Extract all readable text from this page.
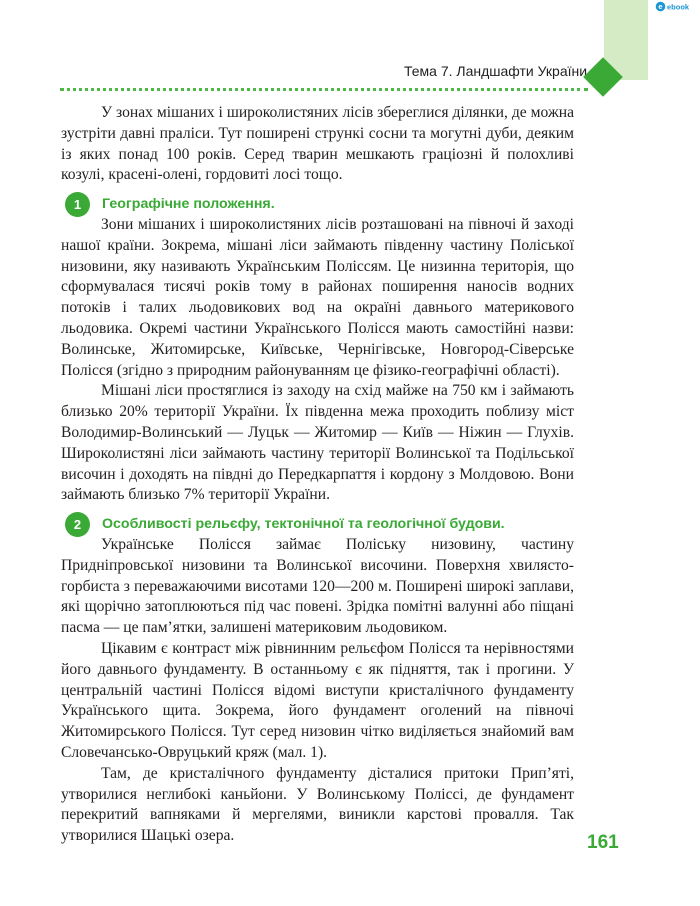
e ebook
Тема 7. Ландшафти України

У зонах мішаних і широколистяних лісів збереглися ділянки, де можна зустріти давні праліси. Тут поширені стрункі сосни та могутні дуби, деяким із яких понад 100 років. Серед тварин мешкають граціозні й полохливі козулі, красені-олені, гордовиті лосі тощо.

1	Географічне положення.

Зони мішаних і широколистяних лісів розташовані на півночі й заході нашої країни. Зокрема, мішані ліси займають південну частину Поліської низовини, яку називають Українським Поліссям. Це низинна територія, що сформувалася тисячі років тому в районах поширення наносів водних потоків і талих льодовикових вод на окраїні давнього материкового льодовика. Окремі частини Українського Полісся мають самостійні назви: Волинське, Житомирське, Київське, Чернігівське, Новгород-Сіверське Полісся (згідно з природним районуванням це фізико-географічні області).

Мішані ліси простяглися із заходу на схід майже на 750 км і займають близько 20% території України. Їх південна межа проходить поблизу міст Володимир-Волинський — Луцьк — Житомир — Київ — Ніжин — Глухів. Широколистяні ліси займають частину території Волинської та Подільської височин і доходять на півдні до Передкарпаття і кордону з Молдовою. Вони займають близько 7% території України.

2	Особливості рельєфу, тектонічної та геологічної будови.

Українське Полісся займає Поліську низовину, частину Придніпровської низовини та Волинської височини. Поверхня хвилясто-горбиста з переважаючими висотами 120—200 м. Поширені широкі заплави, які щорічно затоплюються під час повені. Зрідка помітні валунні або піщані пасма — це пам’ятки, залишені материковим льодовиком.

Цікавим є контраст між рівнинним рельєфом Полісся та нерівностями його давнього фундаменту. В останньому є як підняття, так і прогини. У центральній частині Полісся відомі виступи кристалічного фундаменту Українського щита. Зокрема, його фундамент оголений на півночі Житомирського Полісся. Тут серед низовин чітко виділяється знайомий вам Словечансько-Овруцький кряж (мал. 1).

Там, де кристалічного фундаменту дісталися притоки Прип’яті, утворилися неглибокі каньйони. У Волинському Поліссі, де фундамент перекритий вапняками й мергелями, виникли карстові провалля. Так утворилися Шацькі озера.	161
